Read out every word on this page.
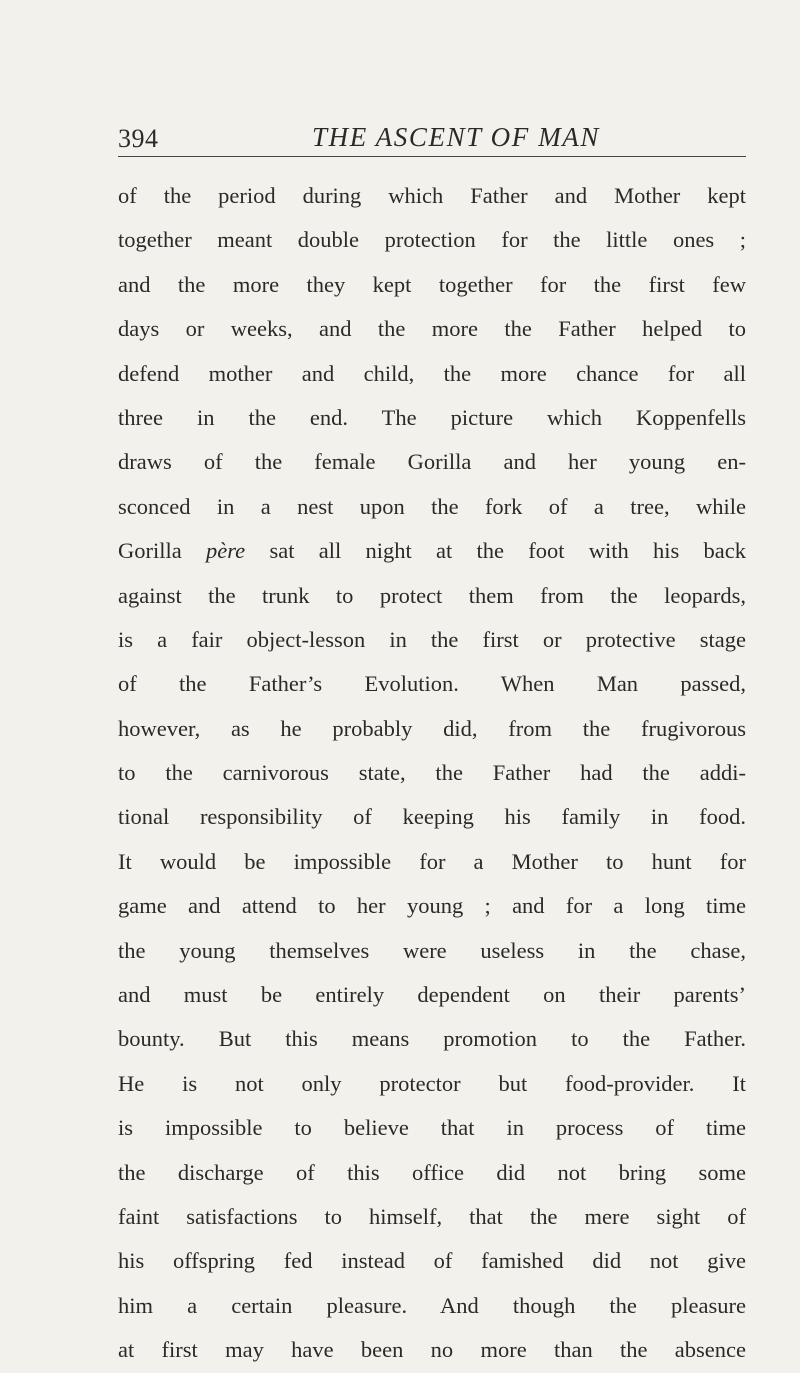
394	THE ASCENT OF MAN
of the period during which Father and Mother kept
together meant double protection for the little ones ;
and the more they kept together for the first few
days or weeks, and the more the Father helped to
defend mother and child, the more chance for all
three in the end. The picture which Koppenfells
draws of the female Gorilla and her young en-
sconced in a nest upon the fork of a tree, while
Gorilla père sat all night at the foot with his back
against the trunk to protect them from the leopards,
is a fair object-lesson in the first or protective stage
of the Father’s Evolution. When Man passed,
however, as he probably did, from the frugivorous
to the carnivorous state, the Father had the addi-
tional responsibility of keeping his family in food.
It would be impossible for a Mother to hunt for
game and attend to her young ; and for a long time
the young themselves were useless in the chase,
and must be entirely dependent on their parents’
bounty. But this means promotion to the Father.
He is not only protector but food-provider. It
is impossible to believe that in process of time
the discharge of this office did not bring some
faint satisfactions to himself, that the mere sight of
his offspring fed instead of famished did not give
him a certain pleasure. And though the pleasure
at first may have been no more than the absence
